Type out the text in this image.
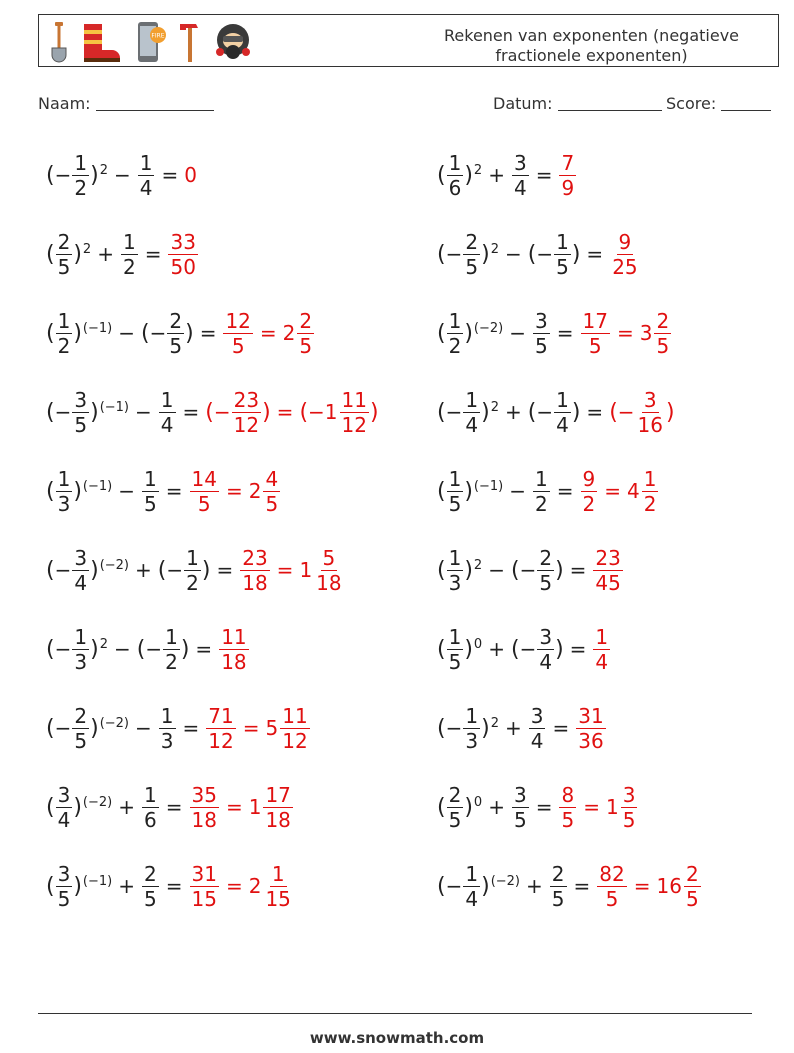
FIRE	Rekenen van exponenten (negatieve fractionele exponenten)
Naam:	Datum:	Score:
( − $\frac{1}{2}$ ) $2 - \frac{1}{4} = 0$	( $\frac{1}{6}$ ) $2 + \frac{3}{4} = \frac{7}{9}$
( $\frac{2}{5}$ ) $2 + \frac{1}{2} = \frac{33}{50}$	( − $\frac{2}{5}$ ) 2 − ( − $\frac{1}{5}$ ) = $\frac{9}{25}$
( $\frac{1}{2}$ ) (−1) − ( − $\frac{2}{5}$ ) = $\frac{12}{5} = 2 \frac{2}{5}$	( $\frac{1}{2}$ ) $(-2) - \frac{3}{5} = \frac{17}{5} = 3 \frac{2}{5}$
( − $\frac{3}{5}$ ) $(-1) - \frac{1}{4}$ = ( − $\frac{23}{12}$ ) = ( − $1 \frac{11}{12}$ )	( − $\frac{1}{4}$ ) 2 + ( − $\frac{1}{4}$ ) = ( − $\frac{3}{16}$ )
( $\frac{1}{3}$ ) $(-1) - \frac{1}{5} = \frac{14}{5} = 2 \frac{4}{5}$	( $\frac{1}{5}$ ) $(-1) - \frac{1}{2} = \frac{9}{2} = 4 \frac{1}{2}$
( − $\frac{3}{4}$ ) (−2) + ( − $\frac{1}{2}$ ) = $\frac{23}{18} = 1 \frac{5}{18}$	( $\frac{1}{3}$ ) 2 − ( − $\frac{2}{5}$ ) = $\frac{23}{45}$
( − $\frac{1}{3}$ ) 2 − ( − $\frac{1}{2}$ ) = $\frac{11}{18}$	( $\frac{1}{5}$ ) 0 + ( − $\frac{3}{4}$ ) = $\frac{1}{4}$
( − $\frac{2}{5}$ ) $(-2) - \frac{1}{3} = \frac{71}{12} = 5 \frac{11}{12}$	( − $\frac{1}{3}$ ) $2 + \frac{3}{4} = \frac{31}{36}$
( $\frac{3}{4}$ ) $(-2) + \frac{1}{6} = \frac{35}{18} = 1 \frac{17}{18}$	( $\frac{2}{5}$ ) $0 + \frac{3}{5} = \frac{8}{5} = 1 \frac{3}{5}$
( $\frac{3}{5}$ ) $(-1) + \frac{2}{5} = \frac{31}{15} = 2 \frac{1}{15}$	( − $\frac{1}{4}$ ) $(-2) + \frac{2}{5} = \frac{82}{5} = 16 \frac{2}{5}$
www.snowmath.com
